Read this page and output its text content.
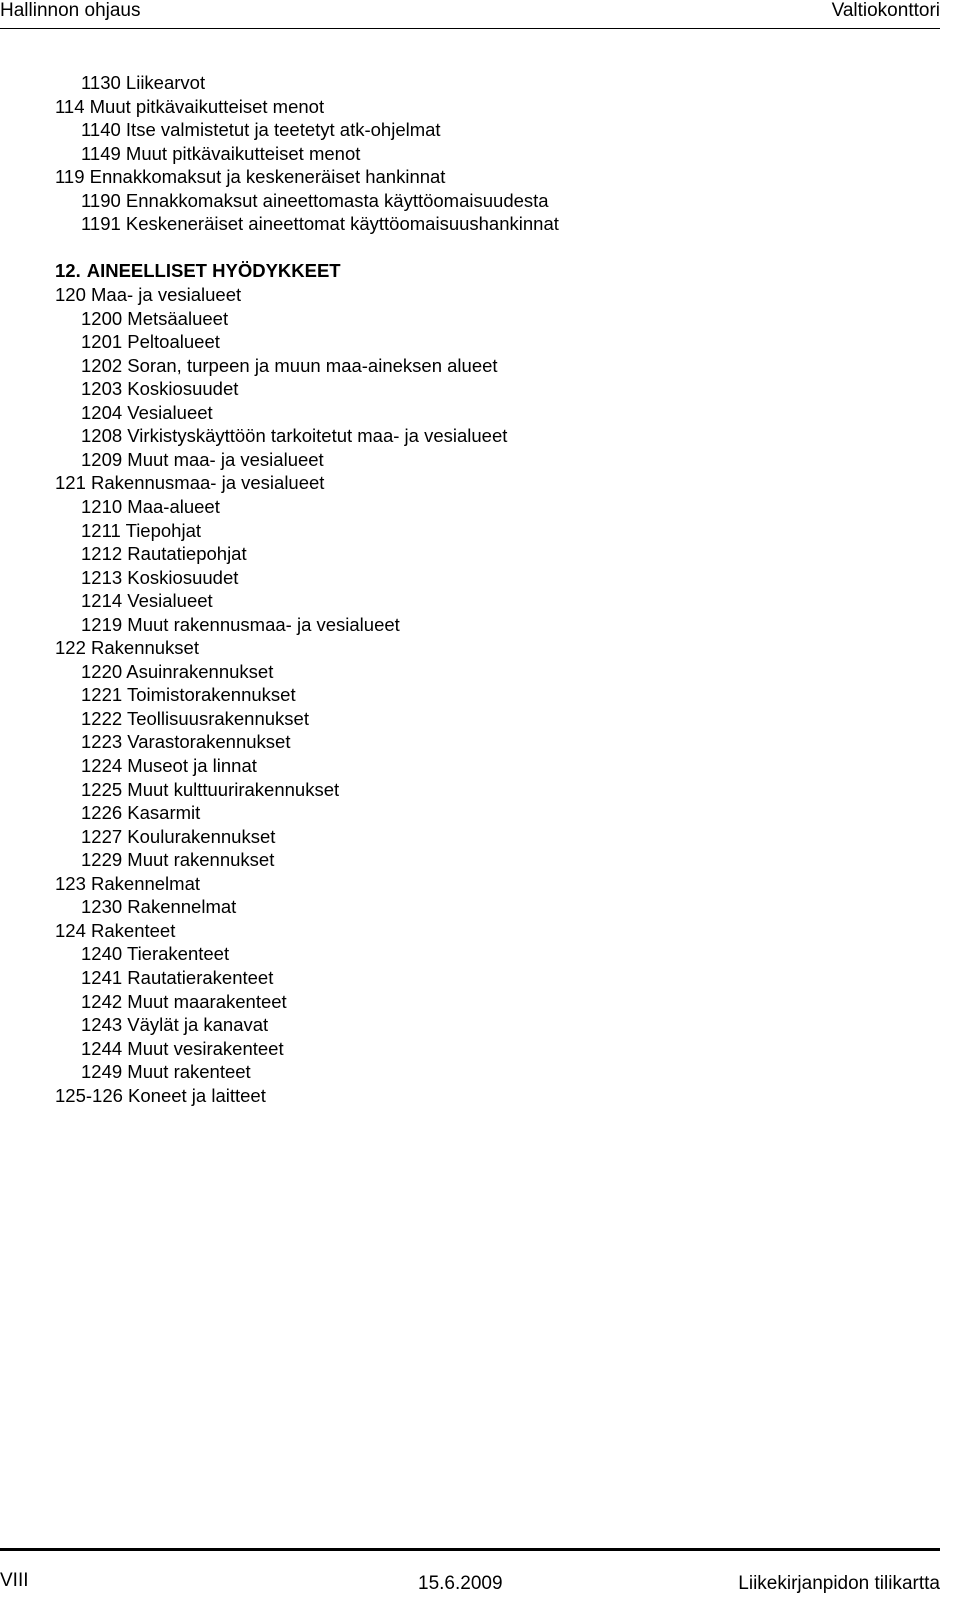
Hallinnon ohjaus	Valtiokonttori
1130 Liikearvot
114 Muut pitkävaikutteiset menot
1140 Itse valmistetut ja teetetyt atk-ohjelmat
1149 Muut pitkävaikutteiset menot
119 Ennakkomaksut ja keskeneräiset hankinnat
1190 Ennakkomaksut aineettomasta käyttöomaisuudesta
1191 Keskeneräiset aineettomat käyttöomaisuushankinnat
12. AINEELLISET HYÖDYKKEET
120 Maa- ja vesialueet
1200 Metsäalueet
1201 Peltoalueet
1202 Soran, turpeen ja muun maa-aineksen alueet
1203 Koskiosuudet
1204 Vesialueet
1208 Virkistyskäyttöön tarkoitetut maa- ja vesialueet
1209 Muut maa- ja vesialueet
121 Rakennusmaa- ja vesialueet
1210 Maa-alueet
1211 Tiepohjat
1212 Rautatiepohjat
1213 Koskiosuudet
1214 Vesialueet
1219 Muut rakennusmaa- ja vesialueet
122 Rakennukset
1220 Asuinrakennukset
1221 Toimistorakennukset
1222 Teollisuusrakennukset
1223 Varastorakennukset
1224 Museot ja linnat
1225 Muut kulttuurirakennukset
1226 Kasarmit
1227 Koulurakennukset
1229 Muut rakennukset
123 Rakennelmat
1230 Rakennelmat
124 Rakenteet
1240 Tierakenteet
1241 Rautatierakenteet
1242 Muut maarakenteet
1243 Väylät ja kanavat
1244 Muut vesirakenteet
1249 Muut rakenteet
125-126 Koneet ja laitteet
VIII	15.6.2009	Liikekirjanpidon tilikartta
